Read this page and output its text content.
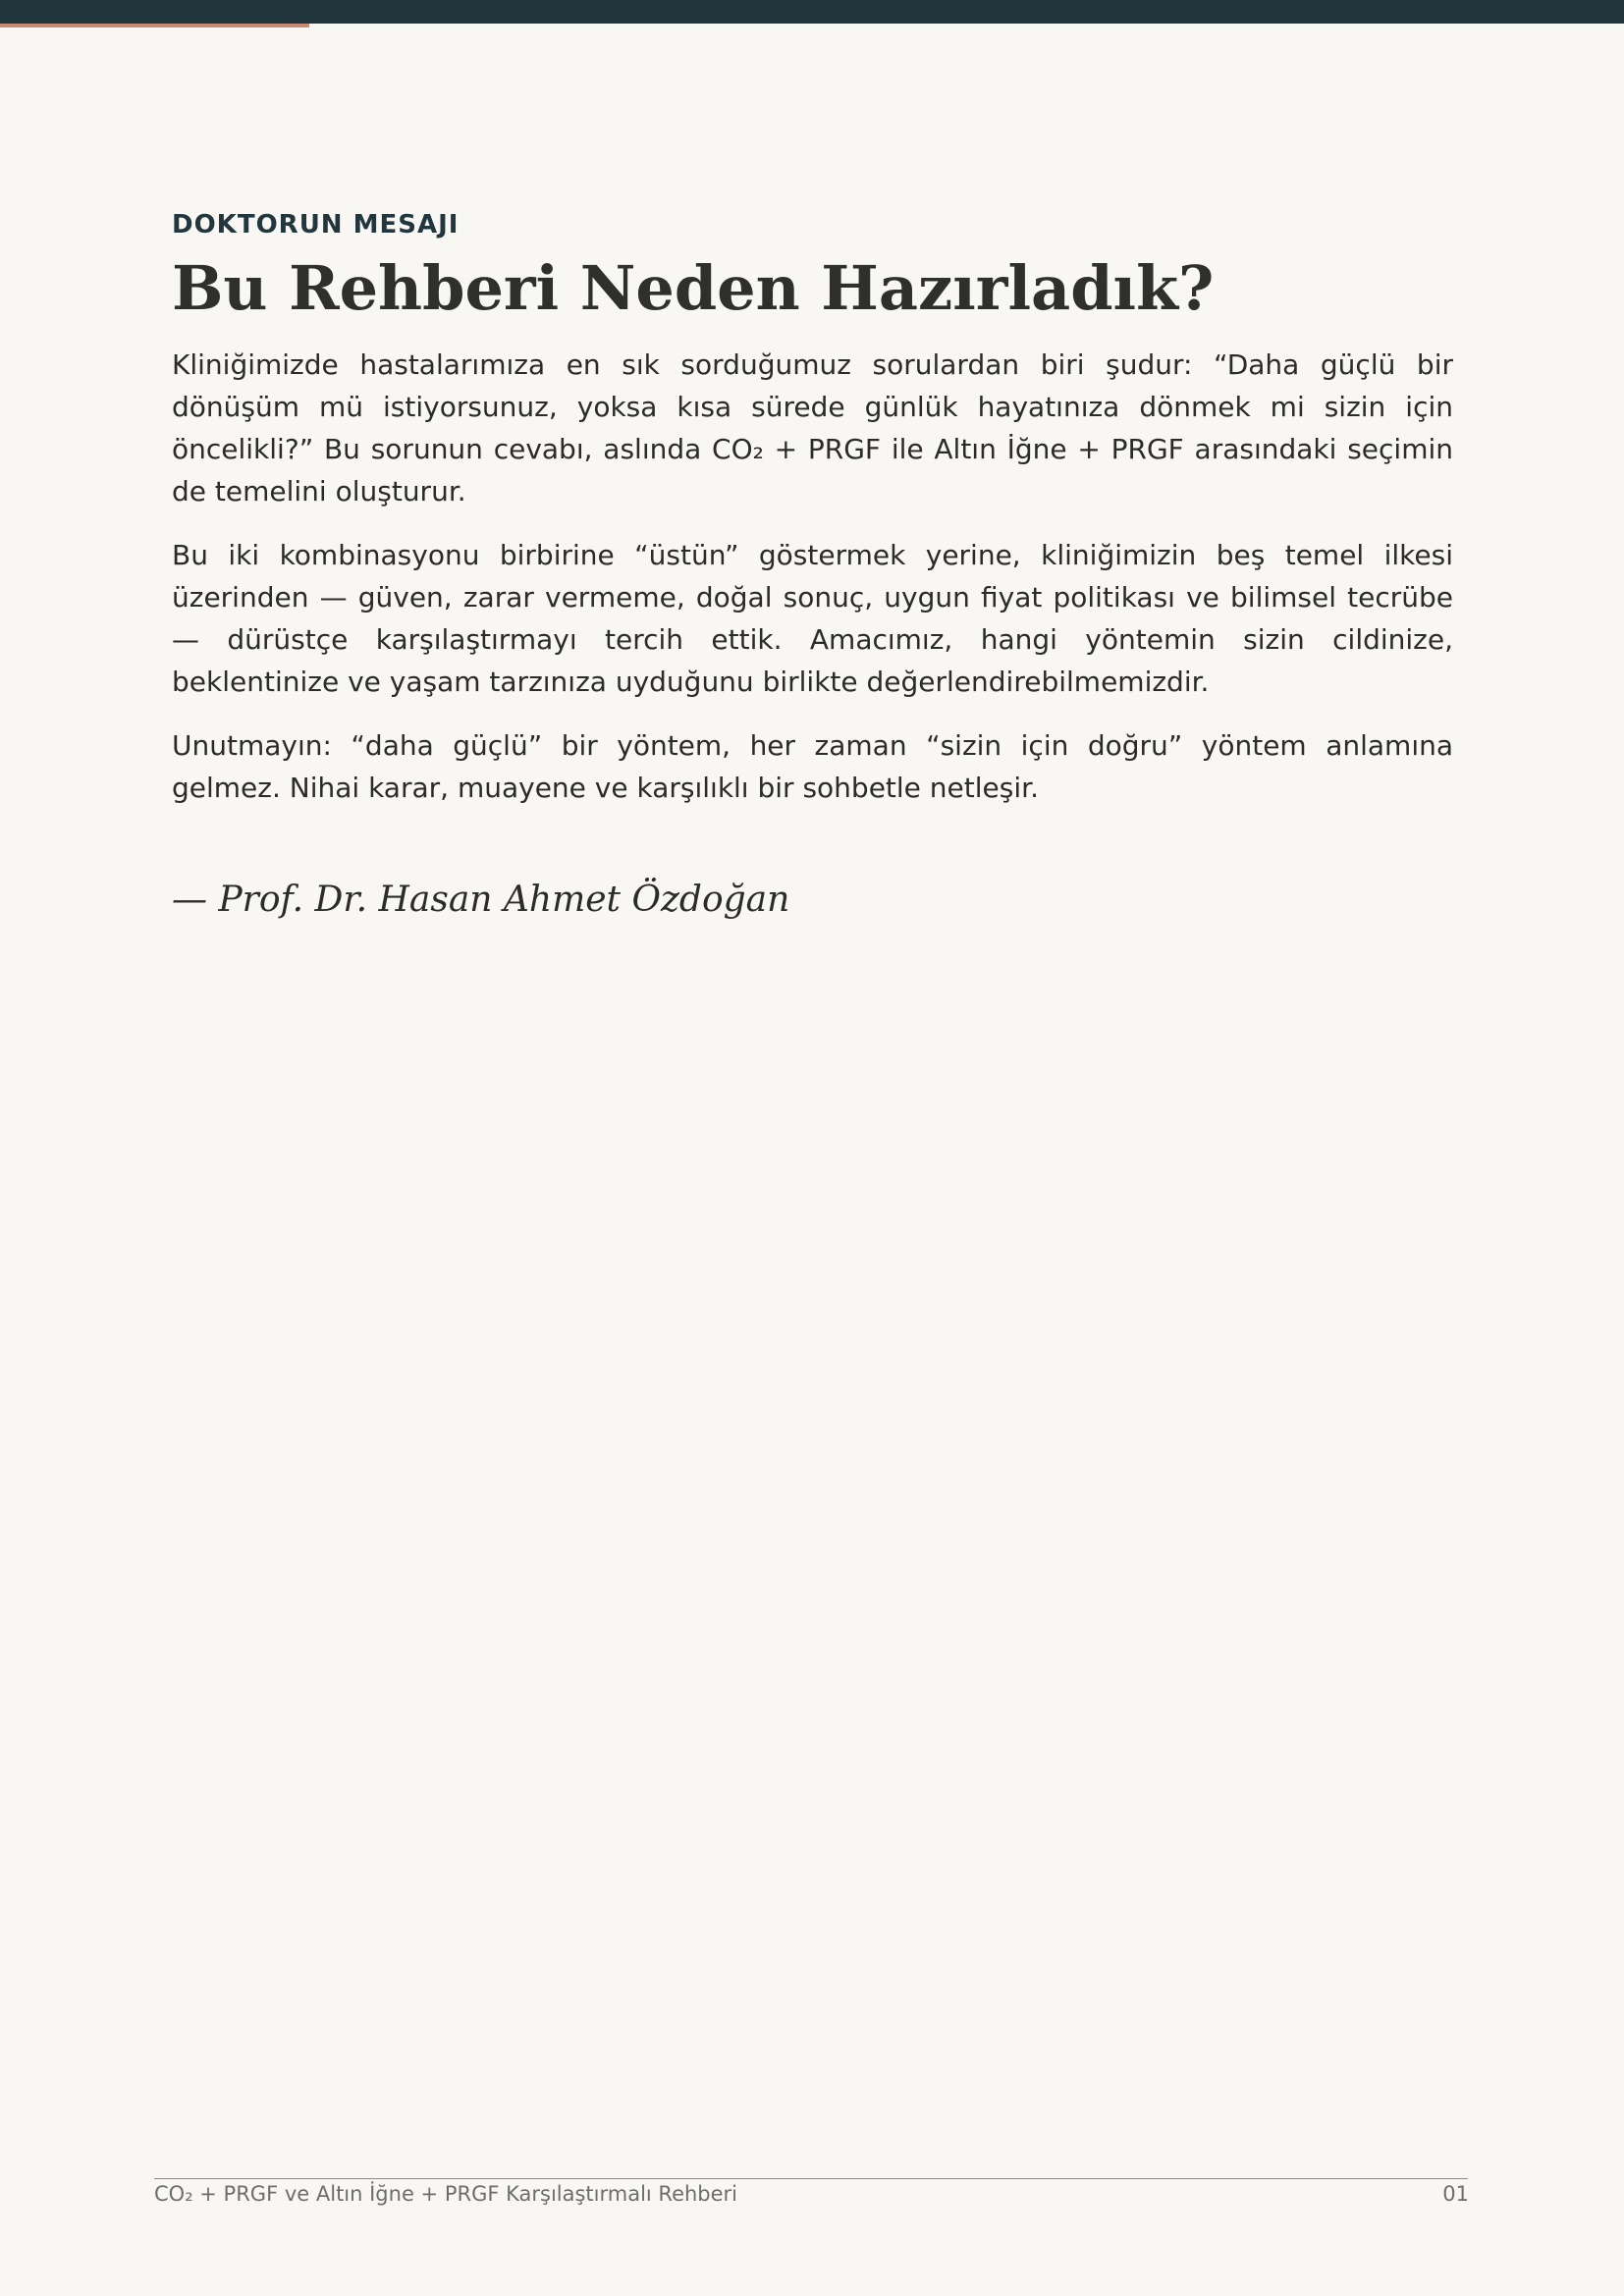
DOKTORUN MESAJI

Bu Rehberi Neden Hazırladık?

Kliniğimizde hastalarımıza en sık sorduğumuz sorulardan biri şudur: “Daha güçlü bir dönüşüm mü istiyorsunuz, yoksa kısa sürede günlük hayatınıza dönmek mi sizin için öncelikli?” Bu sorunun cevabı, aslında CO₂ + PRGF ile Altın İğne + PRGF arasındaki seçimin de temelini oluşturur.

Bu iki kombinasyonu birbirine “üstün” göstermek yerine, kliniğimizin beş temel ilkesi üzerinden — güven, zarar vermeme, doğal sonuç, uygun fiyat politikası ve bilimsel tecrübe — dürüstçe karşılaştırmayı tercih ettik. Amacımız, hangi yöntemin sizin cildinize, beklentinize ve yaşam tarzınıza uyduğunu birlikte değerlendirebilmemizdir.

Unutmayın: “daha güçlü” bir yöntem, her zaman “sizin için doğru” yöntem anlamına gelmez. Nihai karar, muayene ve karşılıklı bir sohbetle netleşir.

— Prof. Dr. Hasan Ahmet Özdoğan

CO₂ + PRGF ve Altın İğne + PRGF Karşılaştırmalı Rehberi	01
